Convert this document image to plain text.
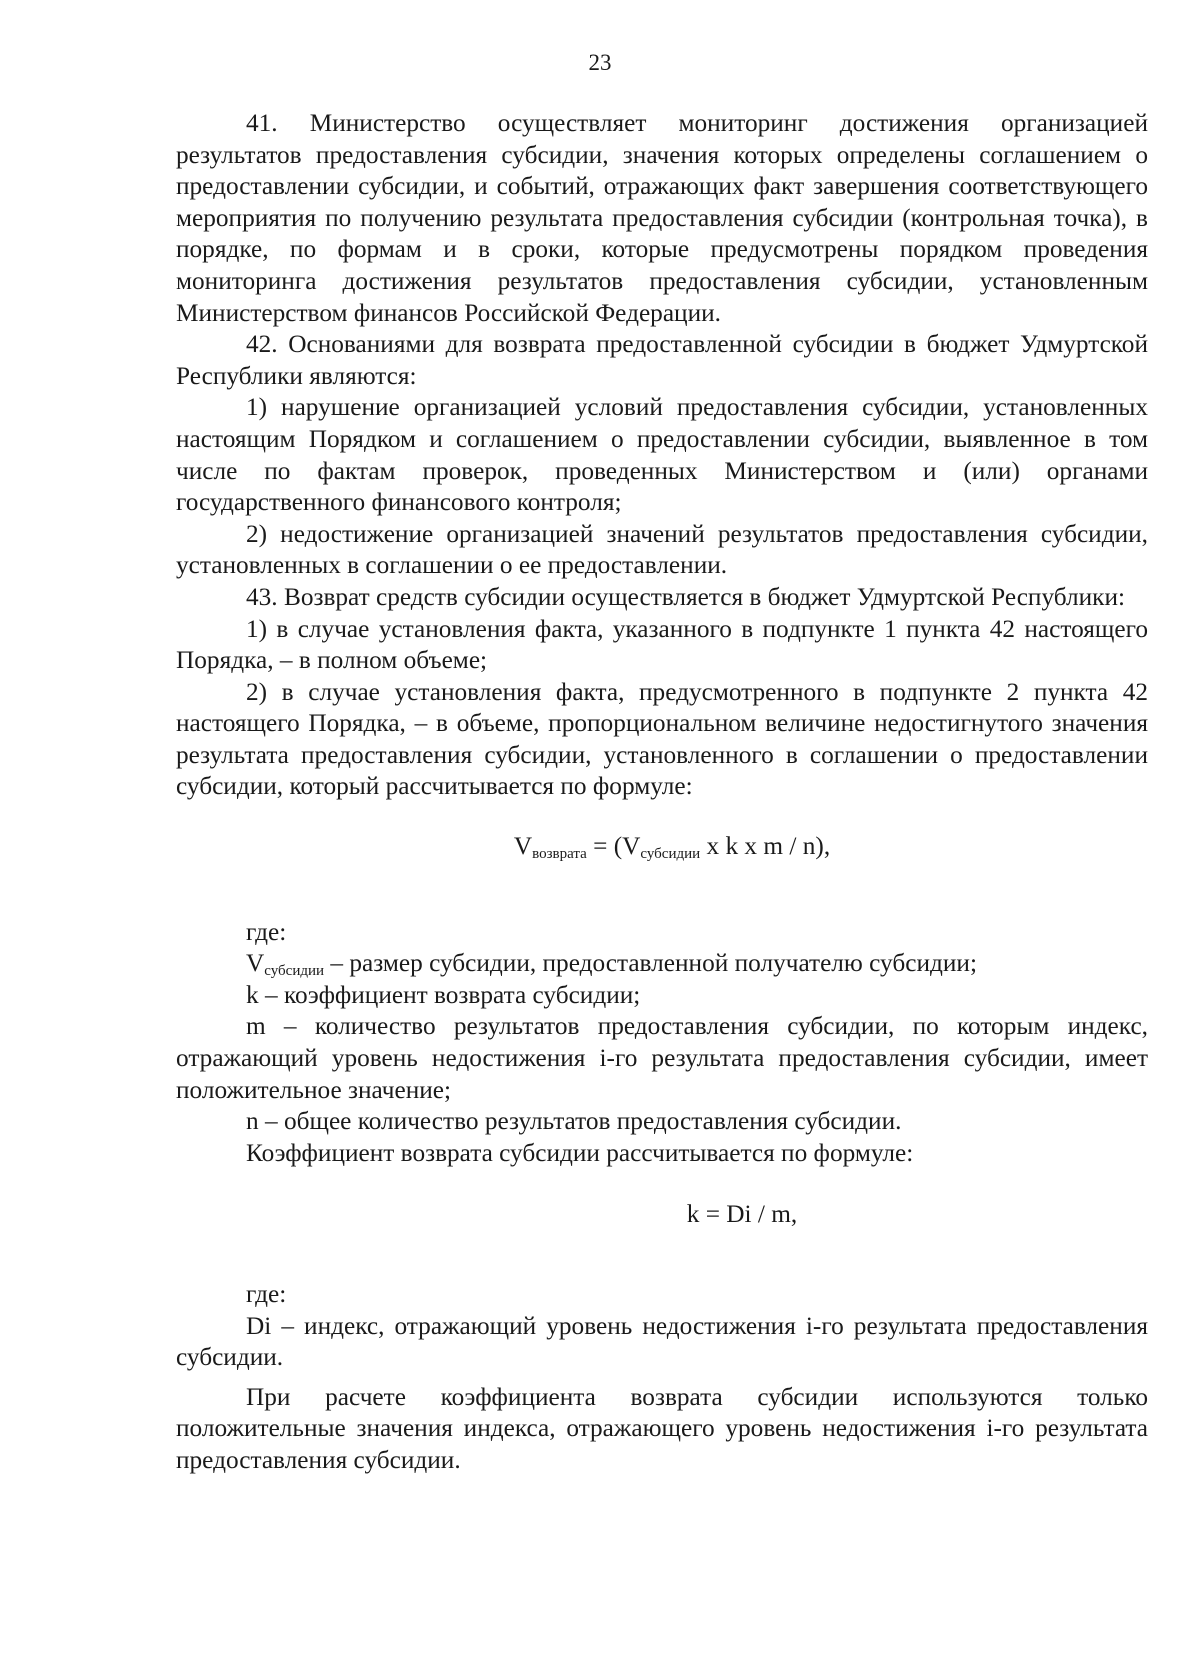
23

41. Министерство осуществляет мониторинг достижения организацией результатов предоставления субсидии, значения которых определены соглашением о предоставлении субсидии, и событий, отражающих факт завершения соответствующего мероприятия по получению результата предоставления субсидии (контрольная точка), в порядке, по формам и в сроки, которые предусмотрены порядком проведения мониторинга достижения результатов предоставления субсидии, установленным Министерством финансов Российской Федерации.

42. Основаниями для возврата предоставленной субсидии в бюджет Удмуртской Республики являются:

1) нарушение организацией условий предоставления субсидии, установленных настоящим Порядком и соглашением о предоставлении субсидии, выявленное в том числе по фактам проверок, проведенных Министерством и (или) органами государственного финансового контроля;

2) недостижение организацией значений результатов предоставления субсидии, установленных в соглашении о ее предоставлении.

43. Возврат средств субсидии осуществляется в бюджет Удмуртской Республики:

1) в случае установления факта, указанного в подпункте 1 пункта 42 настоящего Порядка, – в полном объеме;

2) в случае установления факта, предусмотренного в подпункте 2 пункта 42 настоящего Порядка, – в объеме, пропорциональном величине недостигнутого значения результата предоставления субсидии, установленного в соглашении о предоставлении субсидии, который рассчитывается по формуле:

$V_{возврата} = (V_{субсидии}$ х k х m / n),

где:

$V_{субсидии}$ – размер субсидии, предоставленной получателю субсидии;

k – коэффициент возврата субсидии;

m – количество результатов предоставления субсидии, по которым индекс, отражающий уровень недостижения i-го результата предоставления субсидии, имеет положительное значение;

n – общее количество результатов предоставления субсидии.

Коэффициент возврата субсидии рассчитывается по формуле:

k = Di / m,

где:

Di – индекс, отражающий уровень недостижения i-го результата предоставления субсидии.

При расчете коэффициента возврата субсидии используются только положительные значения индекса, отражающего уровень недостижения i-го результата предоставления субсидии.
